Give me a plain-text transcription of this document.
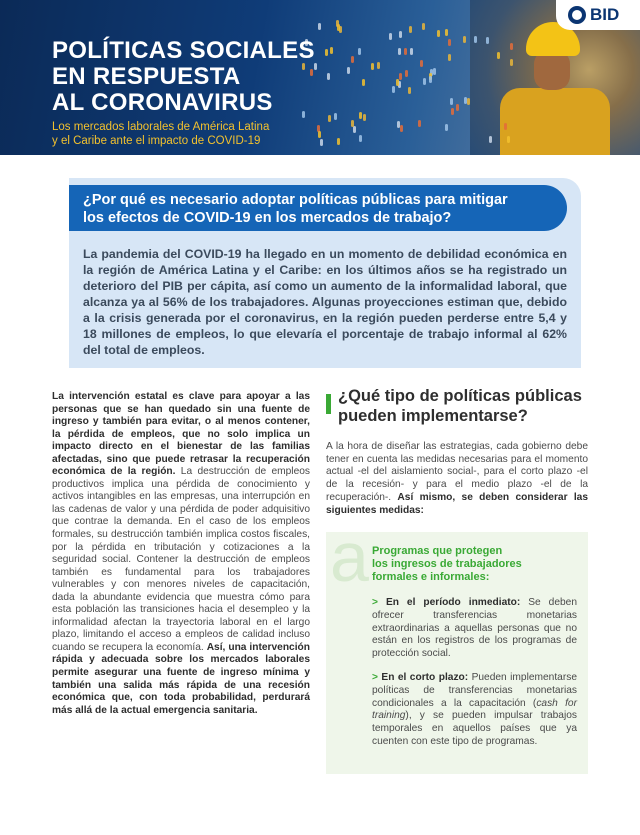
POLÍTICAS SOCIALES
EN RESPUESTA
AL CORONAVIRUS

Los mercados laborales de América Latina
y el Caribe ante el impacto de COVID-19

BID

¿Por qué es necesario adoptar políticas públicas para mitigar
los efectos de COVID-19 en los mercados de trabajo?

La pandemia del COVID-19 ha llegado en un momento de debilidad económica en la región de América Latina y el Caribe: en los últimos años se ha registrado un deterioro del PIB per cápita, así como un aumento de la informalidad laboral, que alcanza ya al 56% de los trabajadores. Algunas proyecciones estiman que, debido a la crisis generada por el coronavirus, en la región pueden perderse entre 5,4 y 18 millones de empleos, lo que elevaría el porcentaje de trabajo informal al 62% del total de empleos.

La intervención estatal es clave para apoyar a las personas que se han quedado sin una fuente de ingreso y también para evitar, o al menos contener, la pérdida de empleos, que no solo implica un impacto directo en el bienestar de las familias afectadas, sino que puede retrasar la recuperación económica de la región. La destrucción de empleos productivos implica una pérdida de conocimiento y activos intangibles en las empresas, una interrupción en las cadenas de valor y una pérdida de poder adquisitivo que contrae la demanda. En el caso de los empleos formales, su destrucción también implica costos fiscales, por la pérdida en tributación y cotizaciones a la seguridad social. Contener la destrucción de empleos también es fundamental para los trabajadores vulnerables y con menores niveles de capacitación, dada la abundante evidencia que muestra cómo para esta población las transiciones hacia el desempleo y la informalidad afectan la trayectoria laboral en el largo plazo, limitando el acceso a empleos de calidad incluso cuando se recupera la economía. Así, una intervención rápida y adecuada sobre los mercados laborales permite asegurar una fuente de ingreso mínima y también una salida más rápida de una recesión económica que, con toda probabilidad, perdurará más allá de la actual emergencia sanitaria.

¿Qué tipo de políticas públicas
pueden implementarse?

A la hora de diseñar las estrategias, cada gobierno debe tener en cuenta las medidas necesarias para el momento actual -el del aislamiento social-, para el corto plazo -el de la recesión- y para el medio plazo -el de la recuperación-. Así mismo, se deben considerar las siguientes medidas:

a Programas que protegen
los ingresos de trabajadores
formales e informales:

> En el período inmediato: Se deben ofrecer transferencias monetarias extraordinarias a aquellas personas que no están en los registros de los programas de protección social.

> En el corto plazo: Pueden implementarse políticas de transferencias monetarias condicionales a la capacitación (cash for training), y se pueden impulsar trabajos temporales en aquellos países que ya cuenten con este tipo de programas.
